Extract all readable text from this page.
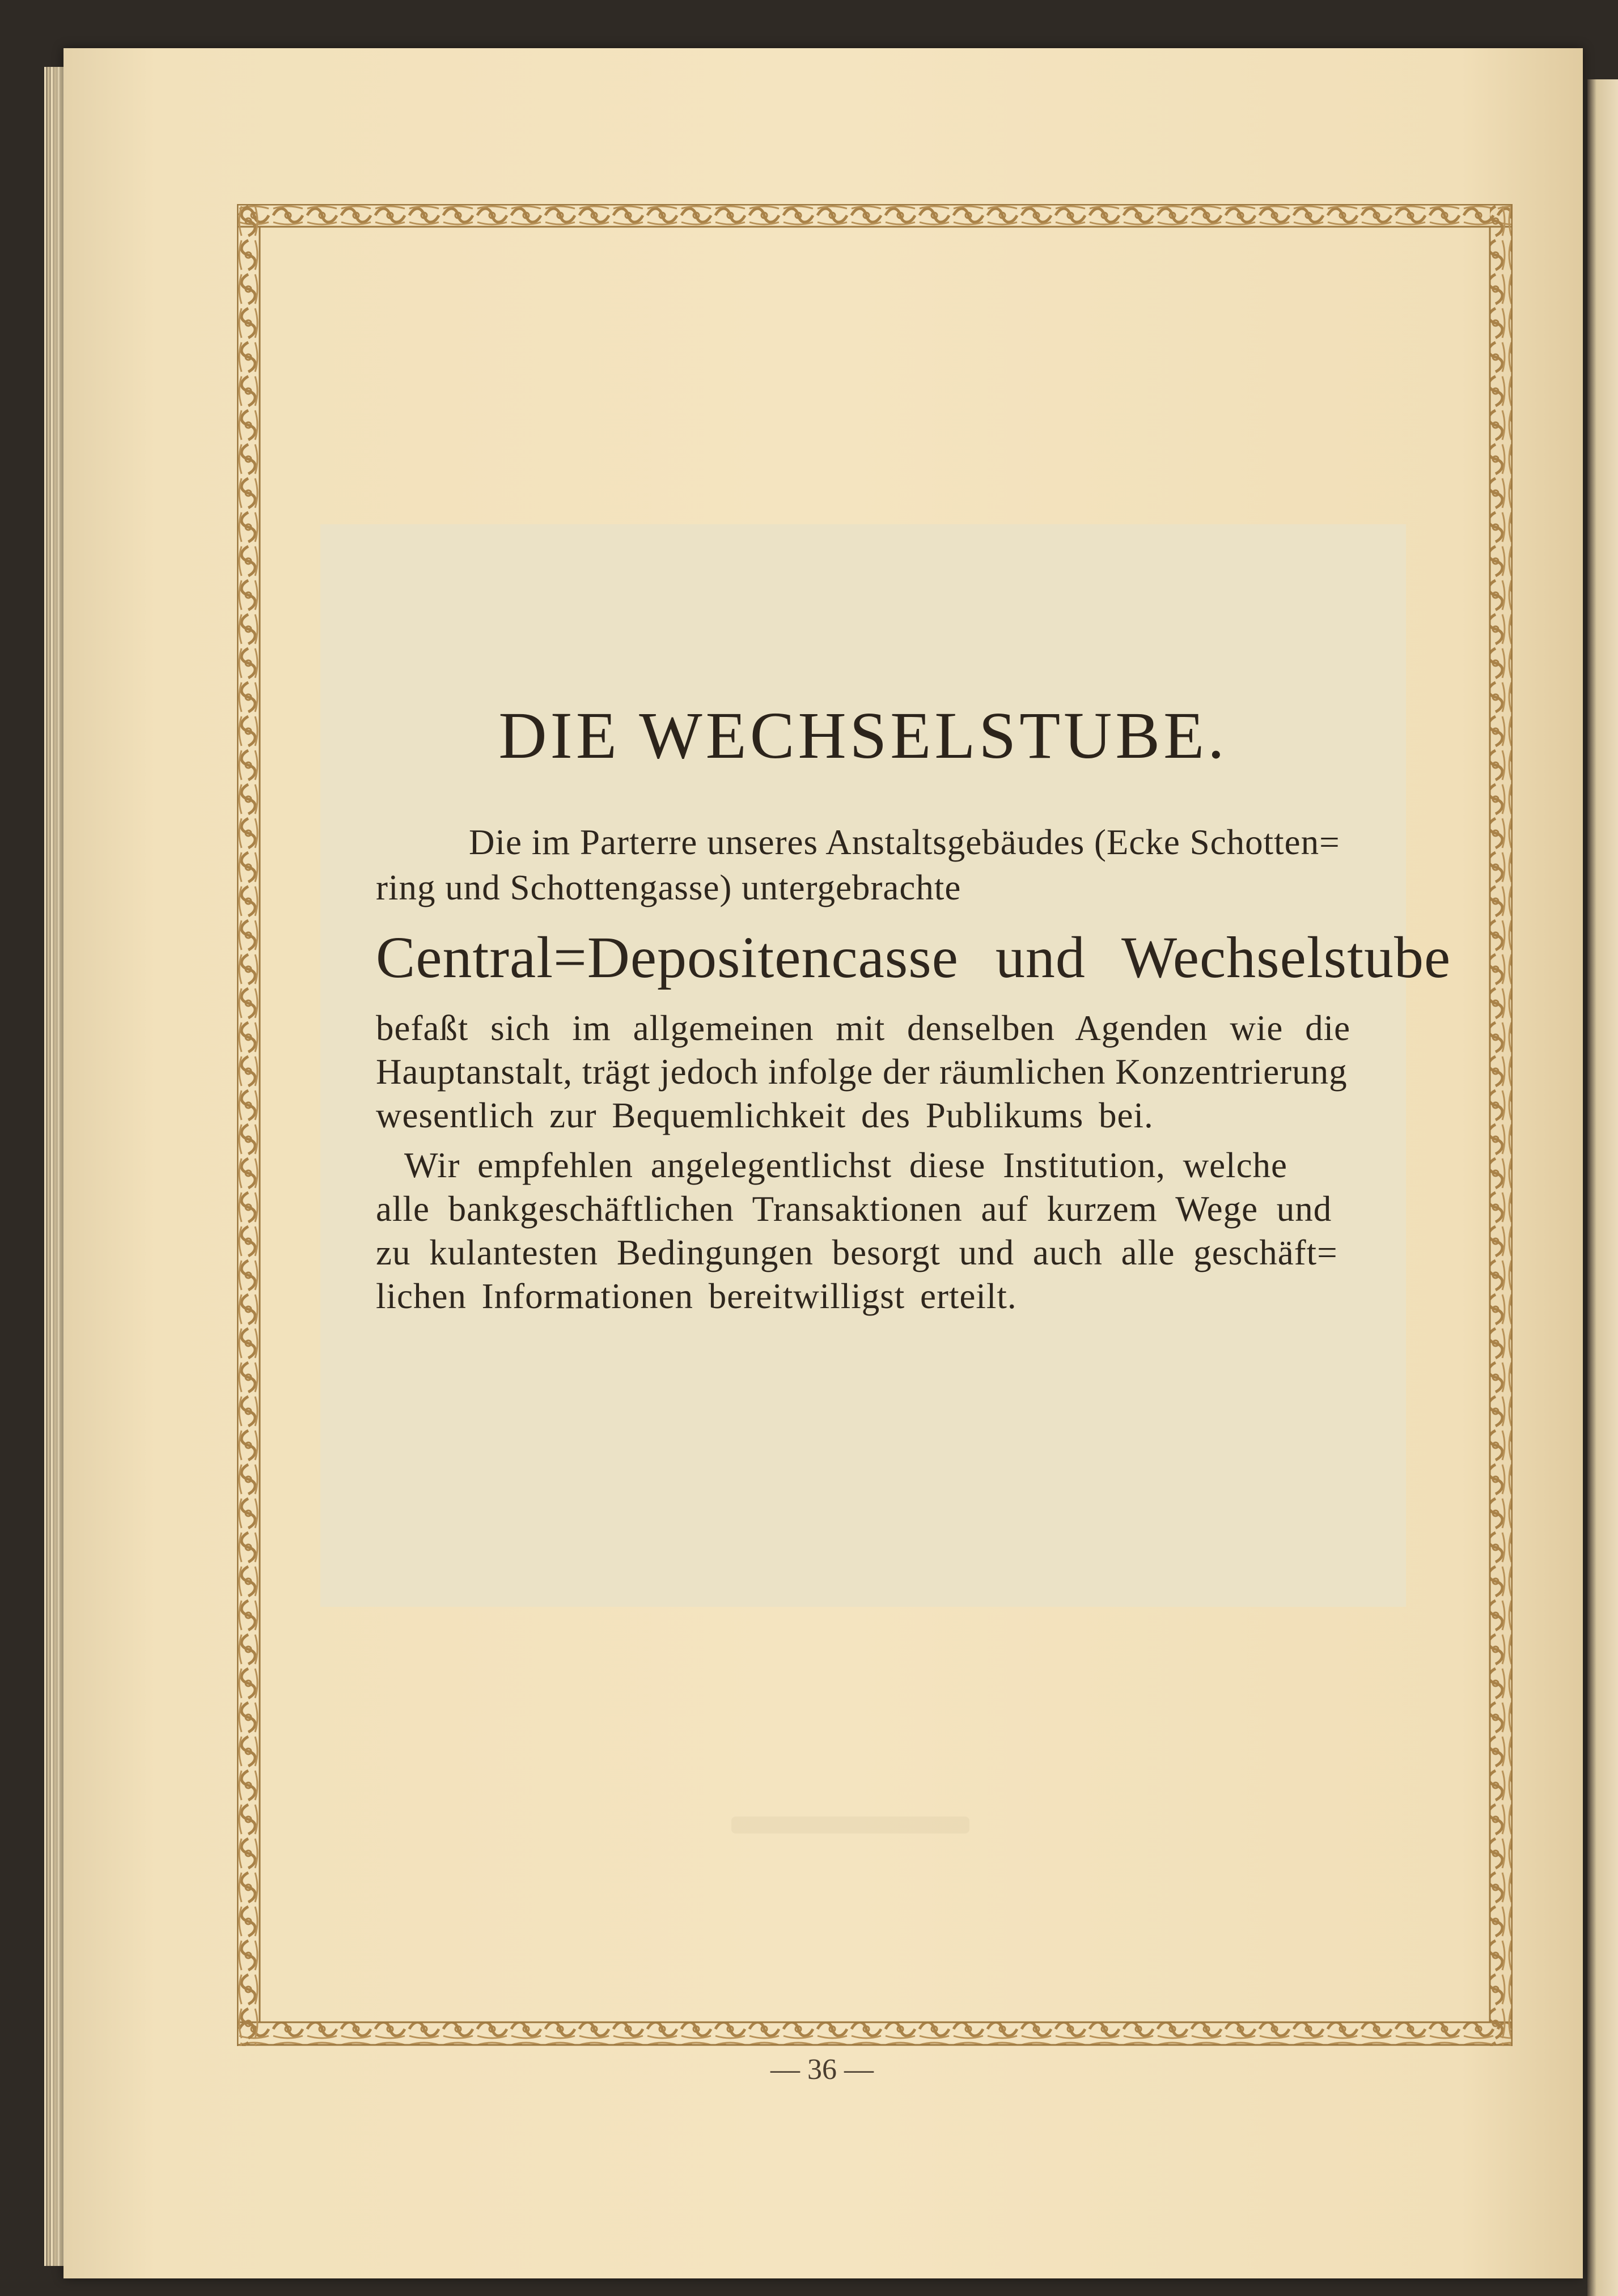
DIE WECHSELSTUBE.
Die im Parterre unseres Anstaltsgebäudes (Ecke Schotten=
ring und Schottengasse) untergebrachte
Central=Depositencasse und Wechselstube
befaßt sich im allgemeinen mit denselben Agenden wie die
Hauptanstalt, trägt jedoch infolge der räumlichen Konzentrierung
wesentlich zur Bequemlichkeit des Publikums bei.
Wir empfehlen angelegentlichst diese Institution, welche
alle bankgeschäftlichen Transaktionen auf kurzem Wege und
zu kulantesten Bedingungen besorgt und auch alle geschäft=
lichen Informationen bereitwilligst erteilt.
— 36 —
